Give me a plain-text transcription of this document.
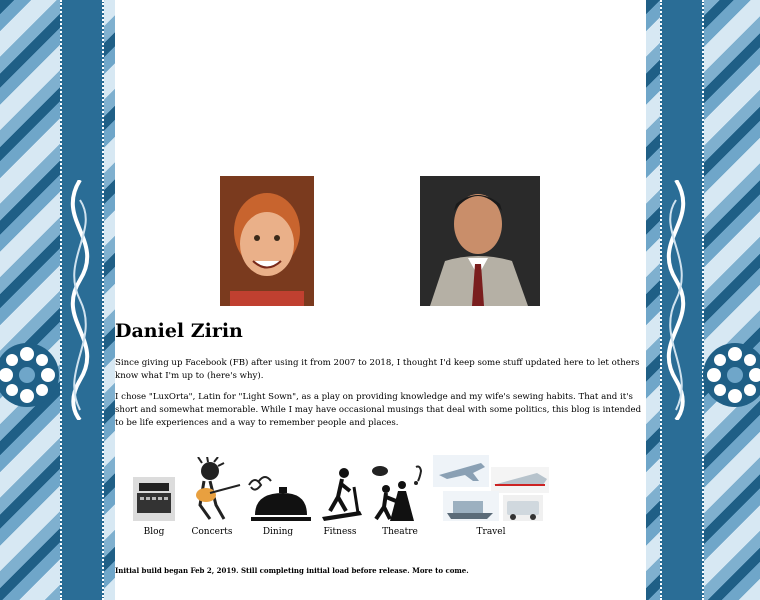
Daniel Zirin

Since giving up Facebook (FB) after using it from 2007 to 2018, I thought I'd keep some stuff updated here to let others know what I'm up to (here's why).

I chose "LuxOrta", Latin for "Light Sown", as a play on providing knowledge and my wife's sewing habits. That and it's short and somewhat memorable. While I may have occasional musings that deal with some politics, this blog is intended to be life experiences and a way to remember people and places.

Blog	Concerts	Dining	Fitness	Theatre	Travel
Initial build began Feb 2, 2019. Still completing initial load before release. More to come.
